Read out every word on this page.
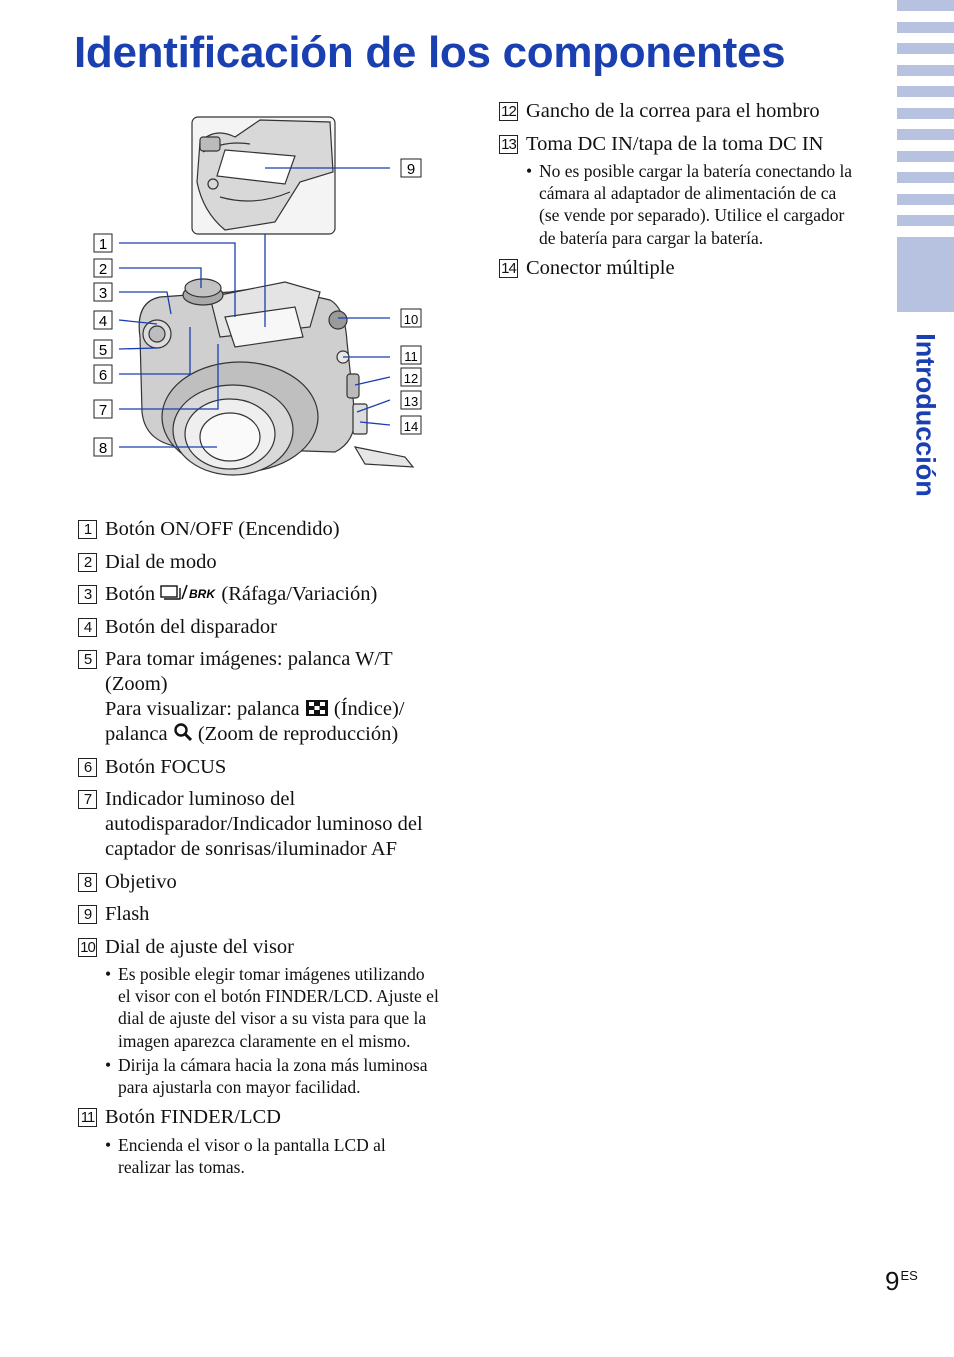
Identificación de los componentes
Introducción
1
2
3
4
5
6
7
8
9
10
11
12
13
14
1 Botón ON/OFF (Encendido)
2 Dial de modo
3 Botón BRK (Ráfaga/Variación)
4 Botón del disparador
5 Para tomar imágenes: palanca W/T (Zoom)
Para visualizar: palanca  (Índice)/
palanca  (Zoom de reproducción)
6 Botón FOCUS
7 Indicador luminoso del autodisparador/Indicador luminoso del captador de sonrisas/iluminador AF
8 Objetivo
9 Flash
10 Dial de ajuste del visor
• Es posible elegir tomar imágenes utilizando el visor con el botón FINDER/LCD. Ajuste el dial de ajuste del visor a su vista para que la imagen aparezca claramente en el mismo.
• Dirija la cámara hacia la zona más luminosa para ajustarla con mayor facilidad.
11 Botón FINDER/LCD
• Encienda el visor o la pantalla LCD al realizar las tomas.
12 Gancho de la correa para el hombro
13 Toma DC IN/tapa de la toma DC IN
• No es posible cargar la batería conectando la cámara al adaptador de alimentación de ca (se vende por separado). Utilice el cargador de batería para cargar la batería.
14 Conector múltiple
$9^{ES}$
